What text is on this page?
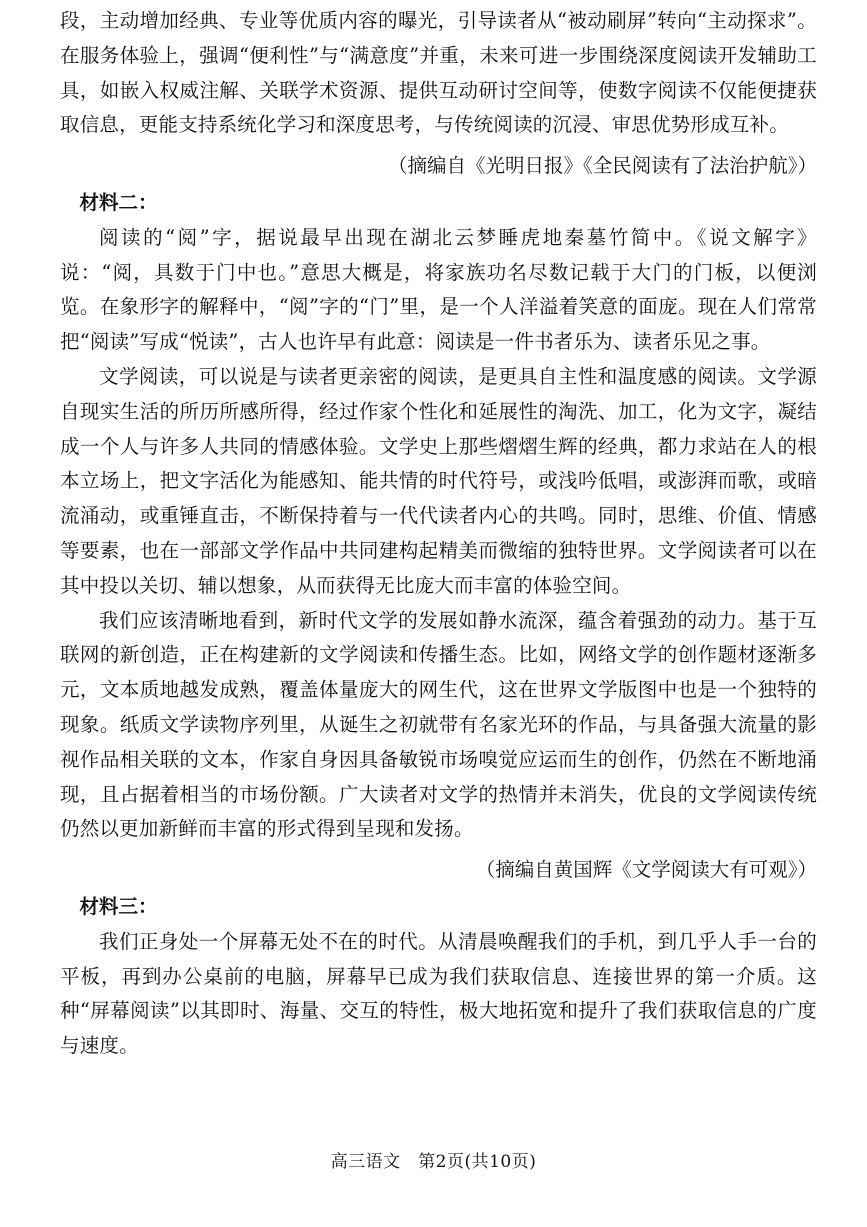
段，主动增加经典、专业等优质内容的曝光，引导读者从“被动刷屏”转向“主动探求”。在服务体验上，强调“便利性”与“满意度”并重，未来可进一步围绕深度阅读开发辅助工具，如嵌入权威注解、关联学术资源、提供互动研讨空间等，使数字阅读不仅能便捷获取信息，更能支持系统化学习和深度思考，与传统阅读的沉浸、审思优势形成互补。

（摘编自《光明日报》《全民阅读有了法治护航》）

材料二：

阅读的“阅”字，据说最早出现在湖北云梦睡虎地秦墓竹简中。《说文解字》说：“阅，具数于门中也。”意思大概是，将家族功名尽数记载于大门的门板，以便浏览。在象形字的解释中，“阅”字的“门”里，是一个人洋溢着笑意的面庞。现在人们常常把“阅读”写成“悦读”，古人也许早有此意：阅读是一件书者乐为、读者乐见之事。

文学阅读，可以说是与读者更亲密的阅读，是更具自主性和温度感的阅读。文学源自现实生活的所历所感所得，经过作家个性化和延展性的淘洗、加工，化为文字，凝结成一个人与许多人共同的情感体验。文学史上那些熠熠生辉的经典，都力求站在人的根本立场上，把文字活化为能感知、能共情的时代符号，或浅吟低唱，或澎湃而歌，或暗流涌动，或重锤直击，不断保持着与一代代读者内心的共鸣。同时，思维、价值、情感等要素，也在一部部文学作品中共同建构起精美而微缩的独特世界。文学阅读者可以在其中投以关切、辅以想象，从而获得无比庞大而丰富的体验空间。

我们应该清晰地看到，新时代文学的发展如静水流深，蕴含着强劲的动力。基于互联网的新创造，正在构建新的文学阅读和传播生态。比如，网络文学的创作题材逐渐多元，文本质地越发成熟，覆盖体量庞大的网生代，这在世界文学版图中也是一个独特的现象。纸质文学读物序列里，从诞生之初就带有名家光环的作品，与具备强大流量的影视作品相关联的文本，作家自身因具备敏锐市场嗅觉应运而生的创作，仍然在不断地涌现，且占据着相当的市场份额。广大读者对文学的热情并未消失，优良的文学阅读传统仍然以更加新鲜而丰富的形式得到呈现和发扬。

（摘编自黄国辉《文学阅读大有可观》）

材料三：

我们正身处一个屏幕无处不在的时代。从清晨唤醒我们的手机，到几乎人手一台的平板，再到办公桌前的电脑，屏幕早已成为我们获取信息、连接世界的第一介质。这种“屏幕阅读”以其即时、海量、交互的特性，极大地拓宽和提升了我们获取信息的广度与速度。

高三语文　第2页(共10页)
